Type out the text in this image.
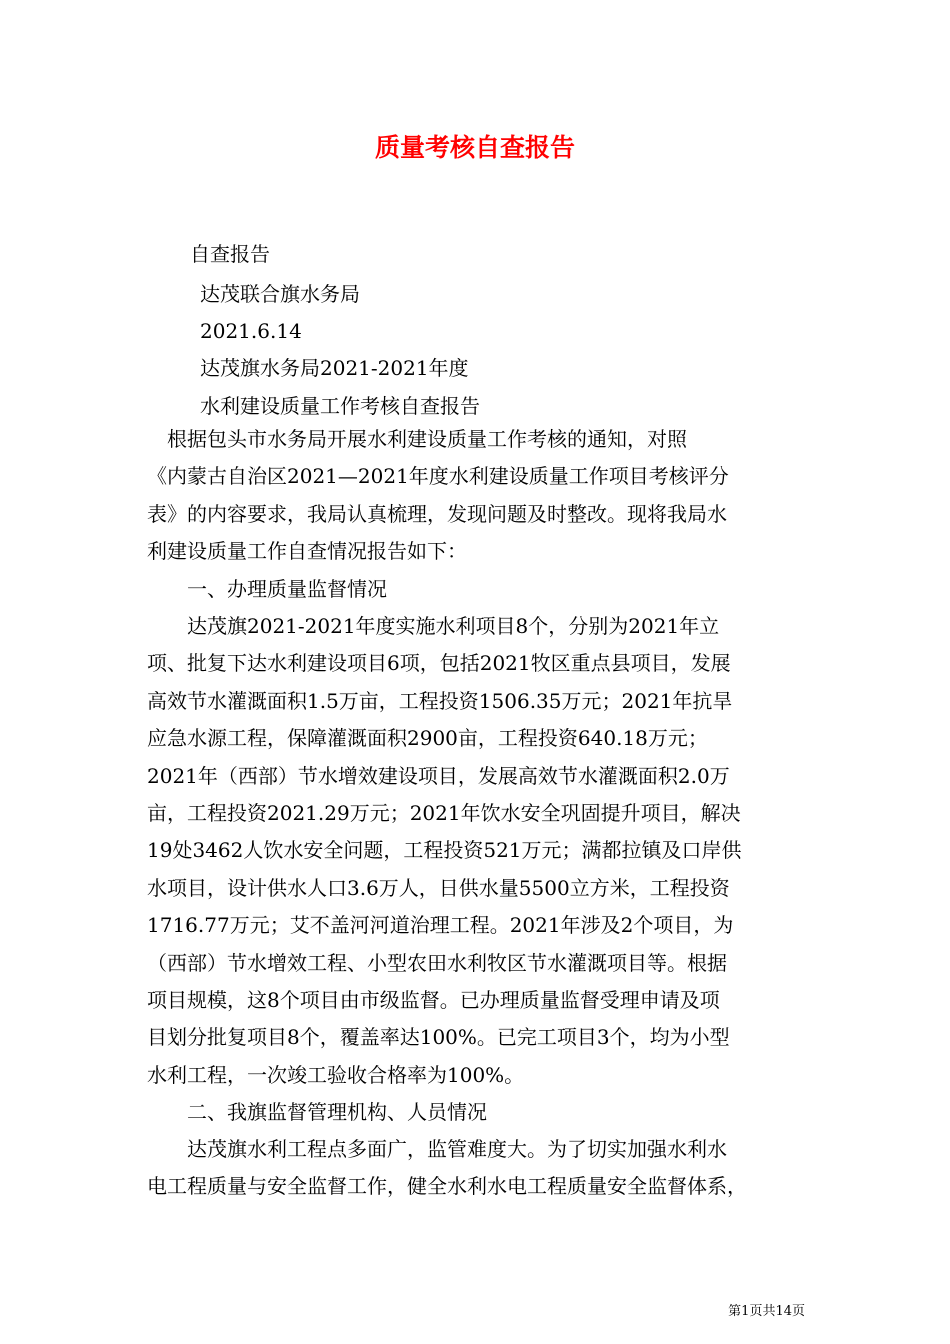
质量考核自查报告
自查报告
达茂联合旗水务局
2021.6.14
达茂旗水务局2021-2021年度
水利建设质量工作考核自查报告
　根据包头市水务局开展水利建设质量工作考核的通知，对照
《内蒙古自治区2021—2021年度水利建设质量工作项目考核评分
表》的内容要求，我局认真梳理，发现问题及时整改。现将我局水
利建设质量工作自查情况报告如下：
　　一、办理质量监督情况
　　达茂旗2021-2021年度实施水利项目8个，分别为2021年立
项、批复下达水利建设项目6项，包括2021牧区重点县项目，发展
高效节水灌溉面积1.5万亩，工程投资1506.35万元；2021年抗旱
应急水源工程，保障灌溉面积2900亩，工程投资640.18万元；
2021年（西部）节水增效建设项目，发展高效节水灌溉面积2.0万
亩，工程投资2021.29万元；2021年饮水安全巩固提升项目，解决
19处3462人饮水安全问题，工程投资521万元；满都拉镇及口岸供
水项目，设计供水人口3.6万人，日供水量5500立方米，工程投资
1716.77万元；艾不盖河河道治理工程。2021年涉及2个项目，为
（西部）节水增效工程、小型农田水利牧区节水灌溉项目等。根据
项目规模，这8个项目由市级监督。已办理质量监督受理申请及项
目划分批复项目8个，覆盖率达100%。已完工项目3个，均为小型
水利工程，一次竣工验收合格率为100%。
　　二、我旗监督管理机构、人员情况
　　达茂旗水利工程点多面广，监管难度大。为了切实加强水利水
电工程质量与安全监督工作，健全水利水电工程质量安全监督体系，
第1页共14页
